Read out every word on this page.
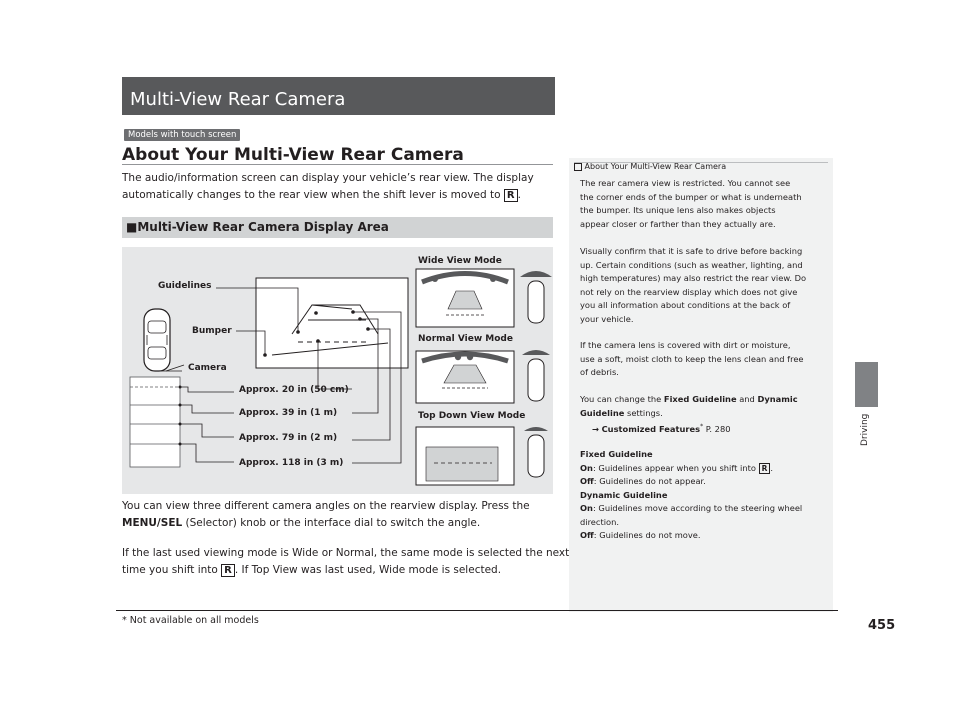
Multi-View Rear Camera
Models with touch screen
About Your Multi-View Rear Camera
The audio/information screen can display your vehicle’s rear view. The display
automatically changes to the rear view when the shift lever is moved to R .
■Multi-View Rear Camera Display Area
Guidelines
Bumper
Camera
Approx. 20 in (50 cm)
Approx. 39 in (1 m)
Approx. 79 in (2 m)
Approx. 118 in (3 m)
Wide View Mode
Normal View Mode
Top Down View Mode
You can view three different camera angles on the rearview display. Press the
MENU/SEL (Selector) knob or the interface dial to switch the angle.
If the last used viewing mode is Wide or Normal, the same mode is selected the next
time you shift into R . If Top View was last used, Wide mode is selected.
About Your Multi-View Rear Camera
The rear camera view is restricted. You cannot see
the corner ends of the bumper or what is underneath
the bumper. Its unique lens also makes objects
appear closer or farther than they actually are.
Visually confirm that it is safe to drive before backing
up. Certain conditions (such as weather, lighting, and
high temperatures) may also restrict the rear view. Do
not rely on the rearview display which does not give
you all information about conditions at the back of
your vehicle.
If the camera lens is covered with dirt or moisture,
use a soft, moist cloth to keep the lens clean and free
of debris.
You can change the Fixed Guideline and Dynamic
Guideline settings.
→ Customized Features* P. 280
Fixed Guideline
On: Guidelines appear when you shift into R .
Off: Guidelines do not appear.
Dynamic Guideline
On: Guidelines move according to the steering wheel
direction.
Off: Guidelines do not move.
Driving
* Not available on all models	455
